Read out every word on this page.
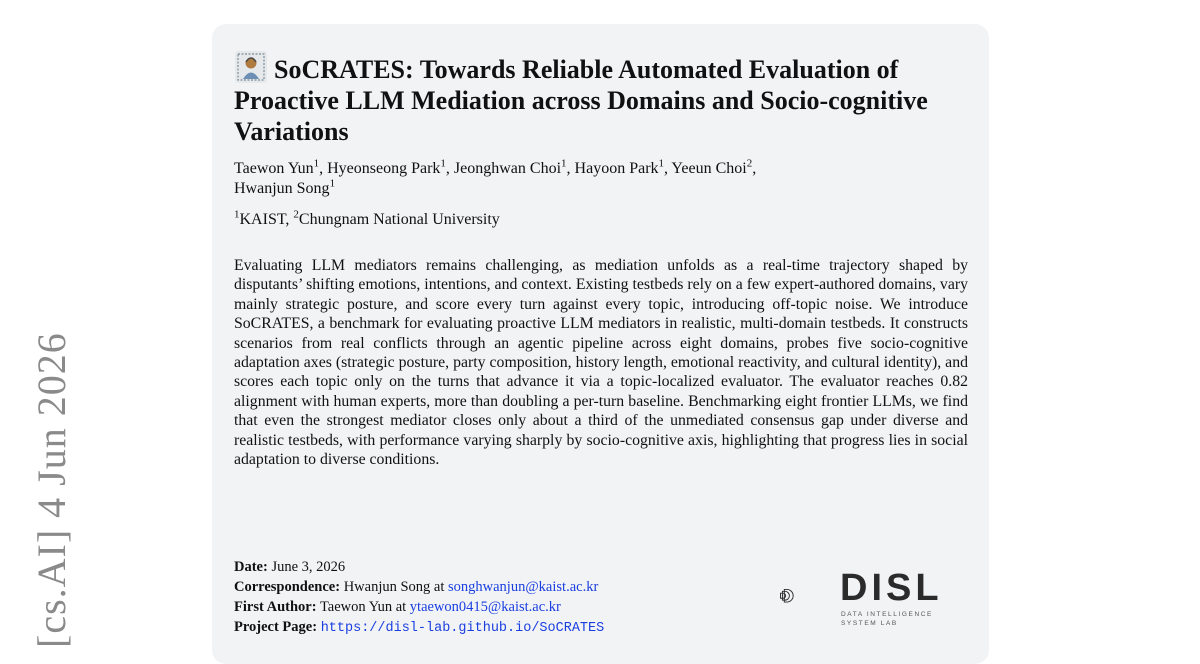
[cs.AI] 4 Jun 2026
SoCRATES: Towards Reliable Automated Evaluation of Proactive LLM Mediation across Domains and Socio-cognitive Variations
Taewon Yun$^1$, Hyeonseong Park$^1$, Jeonghwan Choi$^1$, Hayoon Park$^1$, Yeeun Choi$^2$,
Hwanjun Song$^1$
$^1$KAIST, $^2$Chungnam National University
Evaluating LLM mediators remains challenging, as mediation unfolds as a real-time trajectory shaped by disputants’ shifting emotions, intentions, and context. Existing testbeds rely on a few expert-authored domains, vary mainly strategic posture, and score every turn against every topic, introducing off-topic noise. We introduce SoCRATES, a benchmark for evaluating proactive LLM mediators in realistic, multi-domain testbeds. It constructs scenarios from real conflicts through an agentic pipeline across eight domains, probes five socio-cognitive adaptation axes (strategic posture, party composition, history length, emotional reactivity, and cultural identity), and scores each topic only on the turns that advance it via a topic-localized evaluator. The evaluator reaches 0.82 alignment with human experts, more than doubling a per-turn baseline. Benchmarking eight frontier LLMs, we find that even the strongest mediator closes only about a third of the unmediated consensus gap under diverse and realistic testbeds, with performance varying sharply by socio-cognitive axis, highlighting that progress lies in social adaptation to diverse conditions.
Date: June 3, 2026
Correspondence: Hwanjun Song at songhwanjun@kaist.ac.kr
First Author: Taewon Yun at ytaewon0415@kaist.ac.kr
Project Page: https://disl-lab.github.io/SoCRATES
DISL
DATA INTELLIGENCE
SYSTEM LAB
